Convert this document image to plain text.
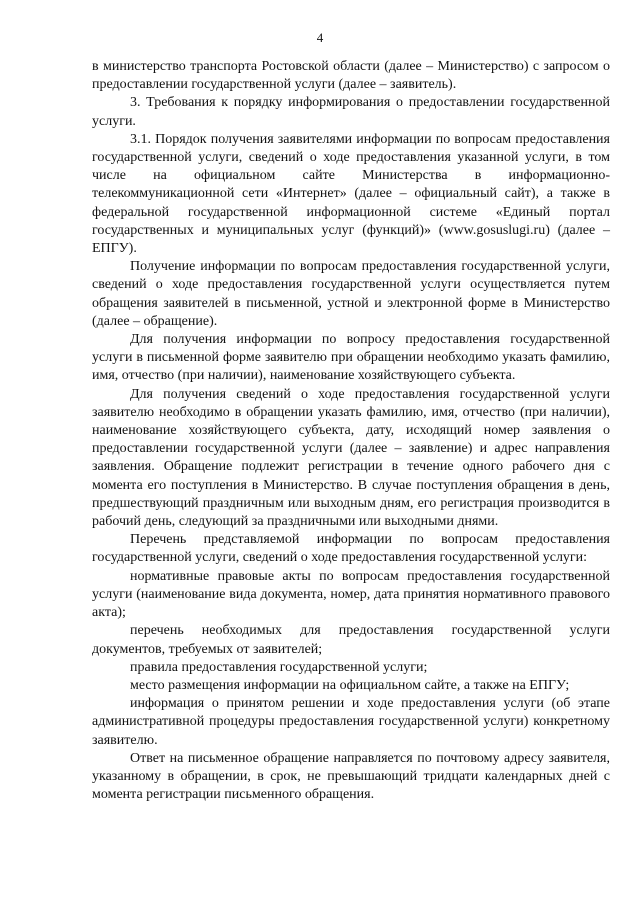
4

в министерство транспорта Ростовской области (далее – Министерство) с запросом о предоставлении государственной услуги (далее – заявитель).

3. Требования к порядку информирования о предоставлении государственной услуги.

3.1. Порядок получения заявителями информации по вопросам предоставления государственной услуги, сведений о ходе предоставления указанной услуги, в том числе на официальном сайте Министерства в информационно-телекоммуникационной сети «Интернет» (далее – официальный сайт), а также в федеральной государственной информационной системе «Единый портал государственных и муниципальных услуг (функций)» (www.gosuslugi.ru) (далее – ЕПГУ).

Получение информации по вопросам предоставления государственной услуги, сведений о ходе предоставления государственной услуги осуществляется путем обращения заявителей в письменной, устной и электронной форме в Министерство (далее – обращение).

Для получения информации по вопросу предоставления государственной услуги в письменной форме заявителю при обращении необходимо указать фамилию, имя, отчество (при наличии), наименование хозяйствующего субъекта.

Для получения сведений о ходе предоставления государственной услуги заявителю необходимо в обращении указать фамилию, имя, отчество (при наличии), наименование хозяйствующего субъекта, дату, исходящий номер заявления о предоставлении государственной услуги (далее – заявление) и адрес направления заявления. Обращение подлежит регистрации в течение одного рабочего дня с момента его поступления в Министерство. В случае поступления обращения в день, предшествующий праздничным или выходным дням, его регистрация производится в рабочий день, следующий за праздничными или выходными днями.

Перечень представляемой информации по вопросам предоставления государственной услуги, сведений о ходе предоставления государственной услуги:

нормативные правовые акты по вопросам предоставления государственной услуги (наименование вида документа, номер, дата принятия нормативного правового акта);

перечень необходимых для предоставления государственной услуги документов, требуемых от заявителей;

правила предоставления государственной услуги;

место размещения информации на официальном сайте, а также на ЕПГУ;

информация о принятом решении и ходе предоставления услуги (об этапе административной процедуры предоставления государственной услуги) конкретному заявителю.

Ответ на письменное обращение направляется по почтовому адресу заявителя, указанному в обращении, в срок, не превышающий тридцати календарных дней с момента регистрации письменного обращения.
